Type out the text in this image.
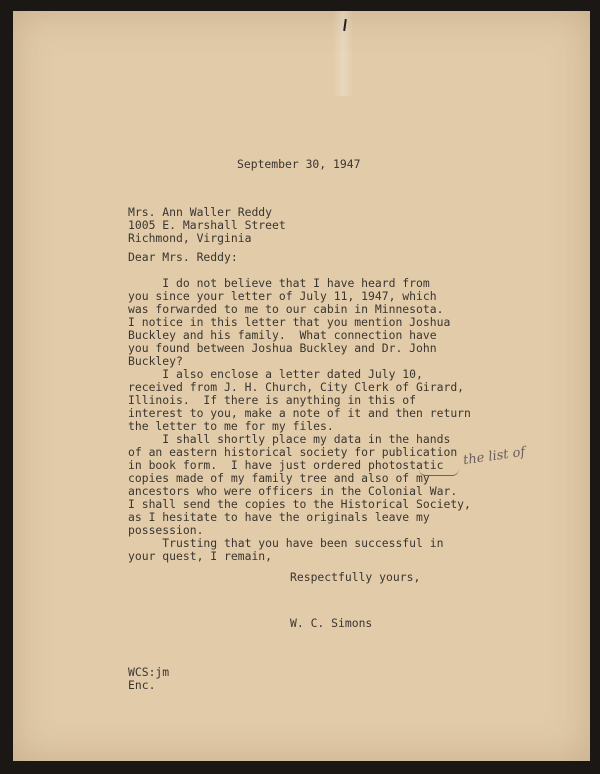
September 30, 1947

Mrs. Ann Waller Reddy

1005 E. Marshall Street

Richmond, Virginia

Dear Mrs. Reddy:

I do not believe that I have heard from

you since your letter of July 11, 1947, which

was forwarded to me to our cabin in Minnesota.

I notice in this letter that you mention Joshua

Buckley and his family.  What connection have

you found between Joshua Buckley and Dr. John

Buckley?

I also enclose a letter dated July 10,

received from J. H. Church, City Clerk of Girard,

Illinois.  If there is anything in this of

interest to you, make a note of it and then return

the letter to me for my files.

I shall shortly place my data in the hands

of an eastern historical society for publication

in book form.  I have just ordered photostatic

copies made of my family tree and also of my

ancestors who were officers in the Colonial War.

I shall send the copies to the Historical Society,

as I hesitate to have the originals leave my

possession.

the list of

Trusting that you have been successful in

your quest, I remain,

Respectfully yours,
W. C. Simons
WCS:jm
Enc.
